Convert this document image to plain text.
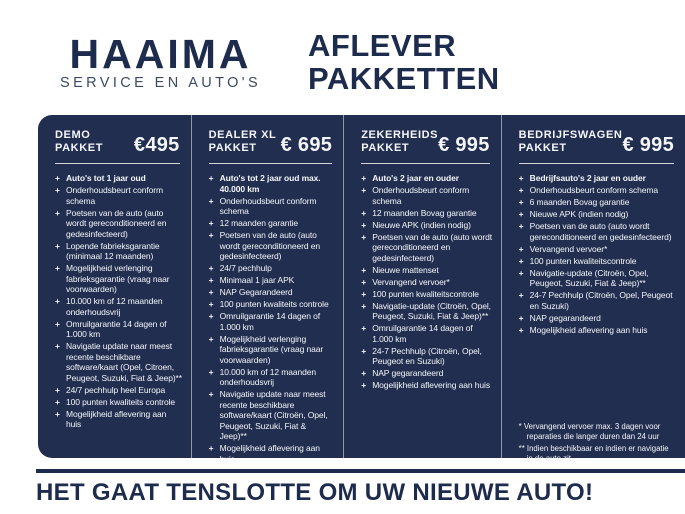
HAAIMA
SERVICE EN AUTO'S
AFLEVER
PAKKETTEN
DEMO
PAKKET €495
+ Auto's tot 1 jaar oud
+ Onderhoudsbeurt conform schema
+ Poetsen van de auto (auto wordt gereconditioneerd en gedesinfecteerd)
+ Lopende fabrieksgarantie (minimaal 12 maanden)
+ Mogelijkheid verlenging fabrieksgarantie (vraag naar voorwaarden)
+ 10.000 km of 12 maanden onderhoudsvrij
+ Omruilgarantie 14 dagen of 1.000 km
+ Navigatie update naar meest recente beschikbare software/kaart (Opel, Citroen, Peugeot, Suzuki, Fiat & Jeep)**
+ 24/7 pechhulp heel Europa
+ 100 punten kwaliteits controle
+ Mogelijkheid aflevering aan huis
DEALER XL
PAKKET	€ 695
+ Auto's tot 2 jaar oud max. 40.000 km
+ Onderhoudsbeurt conform schema
+ 12 maanden garantie
+ Poetsen van de auto (auto wordt gereconditioneerd en gedesinfecteerd)
+ 24/7 pechhulp
+ Minimaal 1 jaar APK
+ NAP Gegarandeerd
+ 100 punten kwaliteits controle
+ Omruilgarantie 14 dagen of 1.000 km
+ Mogelijkheid verlenging fabrieksgarantie (vraag naar voorwaarden)
+ 10.000 km of 12 maanden onderhoudsvrij
+ Navigatie update naar meest recente beschikbare software/kaart (Citroën, Opel, Peugeot, Suzuki, Fiat & Jeep)**
+ Mogelijkheid aflevering aan huis
ZEKERHEIDS
PAKKET	€ 995
+ Auto's 2 jaar en ouder
+ Onderhoudsbeurt conform schema
+ 12 maanden Bovag garantie
+ Nieuwe APK (indien nodig)
+ Poetsen van de auto (auto wordt gereconditioneerd en gedesinfecteerd)
+ Nieuwe mattenset
+ Vervangend vervoer*
+ 100 punten kwaliteitscontrole
+ Navigatie-update (Citroën, Opel, Peugeot, Suzuki, Fiat & Jeep)**
+ Omruilgarantie 14 dagen of 1.000 km
+ 24-7 Pechhulp (Citroën, Opel, Peugeot en Suzuki)
+ NAP gegarandeerd
+ Mogelijkheid aflevering aan huis
BEDRIJFSWAGEN
PAKKET	€ 995
+ Bedrijfsauto's 2 jaar en ouder
+ Onderhoudsbeurt conform schema
+ 6 maanden Bovag garantie
+ Nieuwe APK (indien nodig)
+ Poetsen van de auto (auto wordt gereconditioneerd en gedesinfecteerd)
+ Vervangend vervoer*
+ 100 punten kwaliteitscontrole
+ Navigatie-update (Citroën, Opel, Peugeot, Suzuki, Fiat & Jeep)**
+ 24-7 Pechhulp (Citroën, Opel, Peugeot en Suzuki)
+ NAP gegarandeerd
+ Mogelijkheid aflevering aan huis
* Vervangend vervoer max. 3 dagen voor reparaties die langer duren dan 24 uur
** Indien beschikbaar en indien er navigatie in de auto zit.
HET GAAT TENSLOTTE OM UW NIEUWE AUTO!
